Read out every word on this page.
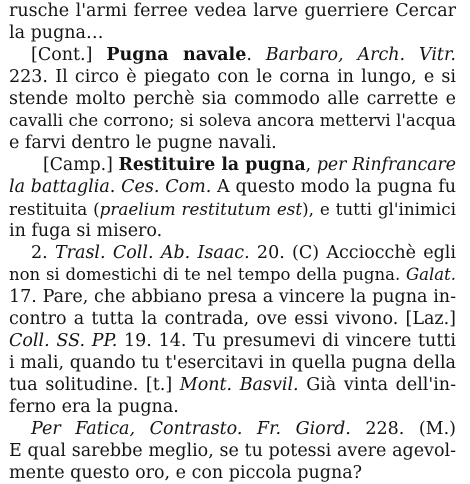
rusche l'armi ferree vedea larve guerriere Cercar
la pugna…
[Cont.] Pugna navale. Barbaro, Arch. Vitr.
223. Il circo è piegato con le corna in lungo, e si
stende molto perchè sia commodo alle carrette e
cavalli che corrono; si soleva ancora mettervi l'acqua
e farvi dentro le pugne navali.
[Camp.] Restituire la pugna, per Rinfrancare
la battaglia. Ces. Com. A questo modo la pugna fu
restituita (praelium restitutum est), e tutti gl'inimici
in fuga si misero.
2. Trasl. Coll. Ab. Isaac. 20. (C) Acciocchè egli
non si domestichi di te nel tempo della pugna. Galat.
17. Pare, che abbiano presa a vincere la pugna in-
contro a tutta la contrada, ove essi vivono. [Laz.]
Coll. SS. PP. 19. 14. Tu presumevi di vincere tutti
i mali, quando tu t'esercitavi in quella pugna della
tua solitudine. [t.] Mont. Basvil. Già vinta dell'in-
ferno era la pugna.
Per Fatica, Contrasto. Fr. Giord. 228. (M.)
E qual sarebbe meglio, se tu potessi avere agevol-
mente questo oro, e con piccola pugna?
